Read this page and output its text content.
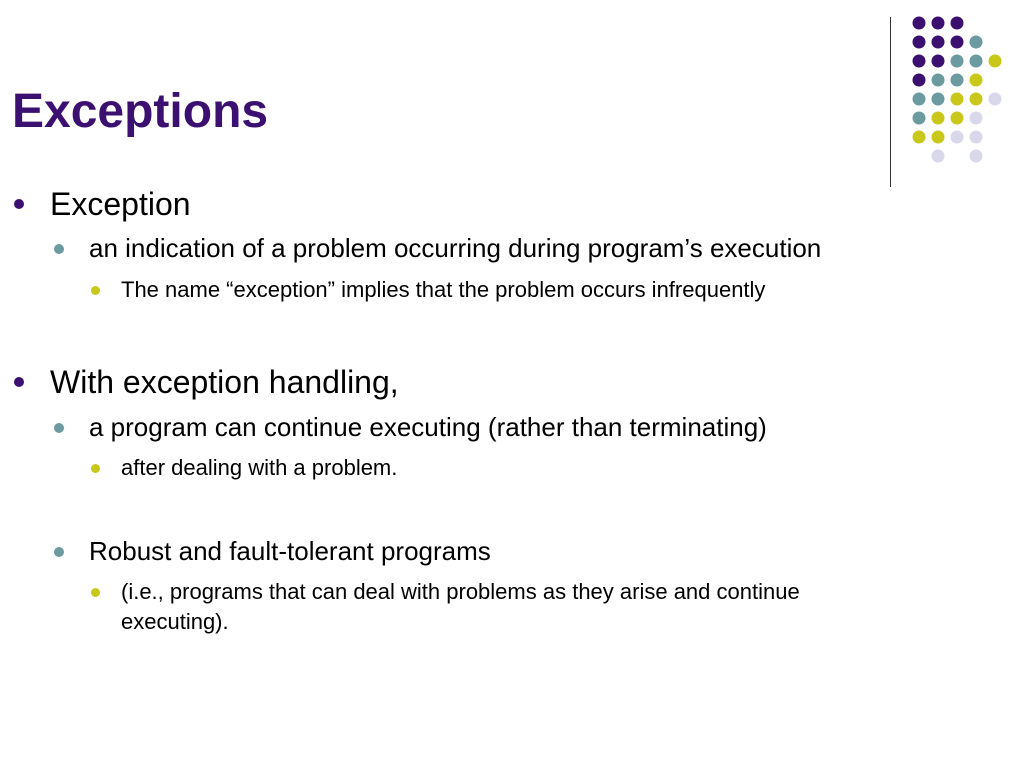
Exceptions
Exception
an indication of a problem occurring during program’s execution
The name “exception” implies that the problem occurs infrequently
With exception handling,
a program can continue executing (rather than terminating)
after dealing with a problem.
Robust and fault-tolerant programs
(i.e., programs that can deal with problems as they arise and continue
executing).
